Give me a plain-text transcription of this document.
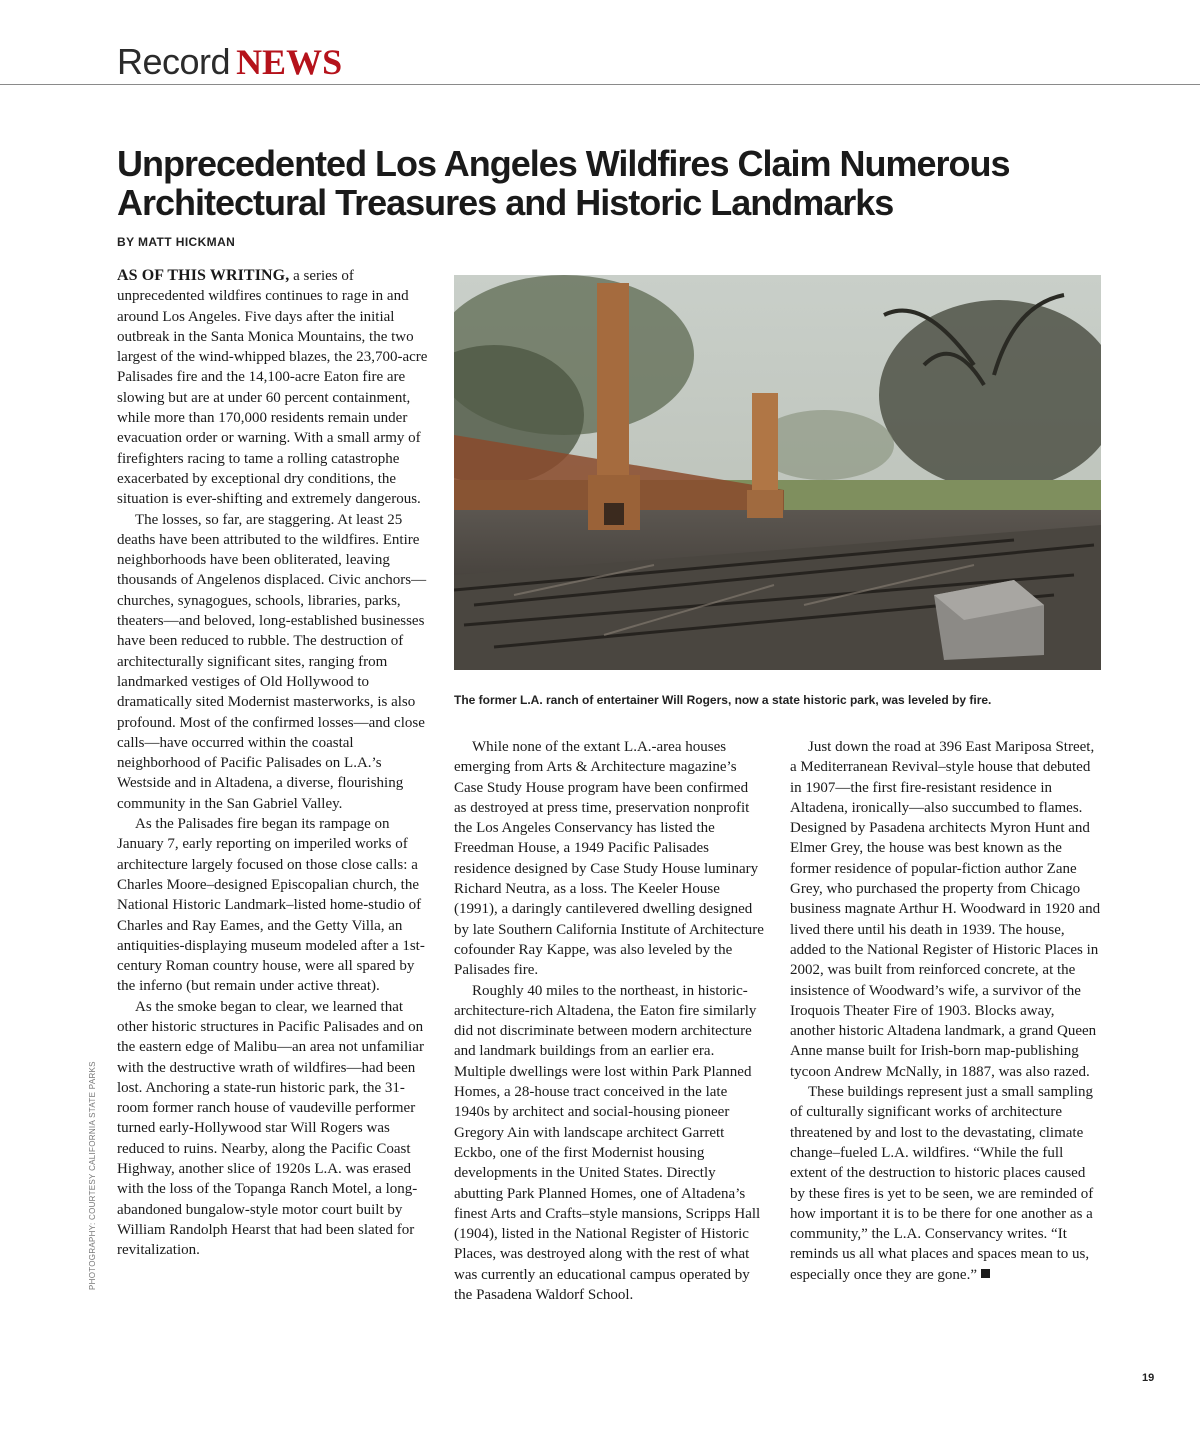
Record NEWS
Unprecedented Los Angeles Wildfires Claim Numerous
Architectural Treasures and Historic Landmarks
BY MATT HICKMAN

AS OF THIS WRITING, a series of unprecedented wildfires continues to rage in and around Los Angeles. Five days after the initial outbreak in the Santa Monica Mountains, the two largest of the wind-whipped blazes, the 23,700-acre Palisades fire and the 14,100-acre Eaton fire are slowing but are at under 60 percent containment, while more than 170,000 residents remain under evacuation order or warning. With a small army of firefighters racing to tame a rolling catastrophe exacerbated by exceptional dry conditions, the situation is ever-shifting and extremely dangerous.

The losses, so far, are staggering. At least 25 deaths have been attributed to the wildfires. Entire neighborhoods have been obliterated, leaving thousands of Angelenos displaced. Civic anchors—churches, synagogues, schools, libraries, parks, theaters—and beloved, long-established businesses have been reduced to rubble. The destruction of architecturally significant sites, ranging from landmarked vestiges of Old Hollywood to dramatically sited Modernist masterworks, is also profound. Most of the confirmed losses—and close calls—have occurred within the coastal neighborhood of Pacific Palisades on L.A.’s Westside and in Altadena, a diverse, flourishing community in the San Gabriel Valley.

As the Palisades fire began its rampage on January 7, early reporting on imperiled works of architecture largely focused on those close calls: a Charles Moore–designed Episcopalian church, the National Historic Landmark–listed home-studio of Charles and Ray Eames, and the Getty Villa, an antiquities-displaying museum modeled after a 1st-century Roman country house, were all spared by the inferno (but remain under active threat).

As the smoke began to clear, we learned that other historic structures in Pacific Palisades and on the eastern edge of Malibu—an area not unfamiliar with the destructive wrath of wildfires—had been lost. Anchoring a state-run historic park, the 31-room former ranch house of vaudeville performer turned early-Hollywood star Will Rogers was reduced to ruins. Nearby, along the Pacific Coast Highway, another slice of 1920s L.A. was erased with the loss of the Topanga Ranch Motel, a long-abandoned bungalow-style motor court built by William Randolph Hearst that had been slated for revitalization.

The former L.A. ranch of entertainer Will Rogers, now a state historic park, was leveled by fire.

While none of the extant L.A.-area houses emerging from Arts & Architecture magazine’s Case Study House program have been confirmed as destroyed at press time, preservation nonprofit the Los Angeles Conservancy has listed the Freedman House, a 1949 Pacific Palisades residence designed by Case Study House luminary Richard Neutra, as a loss. The Keeler House (1991), a daringly cantilevered dwelling designed by late Southern California Institute of Architecture cofounder Ray Kappe, was also leveled by the Palisades fire.

Roughly 40 miles to the northeast, in historic-architecture-rich Altadena, the Eaton fire similarly did not discriminate between modern architecture and landmark buildings from an earlier era. Multiple dwellings were lost within Park Planned Homes, a 28-house tract conceived in the late 1940s by architect and social-housing pioneer Gregory Ain with landscape architect Garrett Eckbo, one of the first Modernist housing developments in the United States. Directly abutting Park Planned Homes, one of Altadena’s finest Arts and Crafts–style mansions, Scripps Hall (1904), listed in the National Register of Historic Places, was destroyed along with the rest of what was currently an educational campus operated by the Pasadena Waldorf School.

Just down the road at 396 East Mariposa Street, a Mediterranean Revival–style house that debuted in 1907—the first fire-resistant residence in Altadena, ironically—also succumbed to flames. Designed by Pasadena architects Myron Hunt and Elmer Grey, the house was best known as the former residence of popular-fiction author Zane Grey, who purchased the property from Chicago business magnate Arthur H. Woodward in 1920 and lived there until his death in 1939. The house, added to the National Register of Historic Places in 2002, was built from reinforced concrete, at the insistence of Woodward’s wife, a survivor of the Iroquois Theater Fire of 1903. Blocks away, another historic Altadena landmark, a grand Queen Anne manse built for Irish-born map-publishing tycoon Andrew McNally, in 1887, was also razed.

These buildings represent just a small sampling of culturally significant works of architecture threatened by and lost to the devastating, climate change–fueled L.A. wildfires. “While the full extent of the destruction to historic places caused by these fires is yet to be seen, we are reminded of how important it is to be there for one another as a community,” the L.A. Conservancy writes. “It reminds us all what places and spaces mean to us, especially once they are gone.”

PHOTOGRAPHY: COURTESY CALIFORNIA STATE PARKS
19
